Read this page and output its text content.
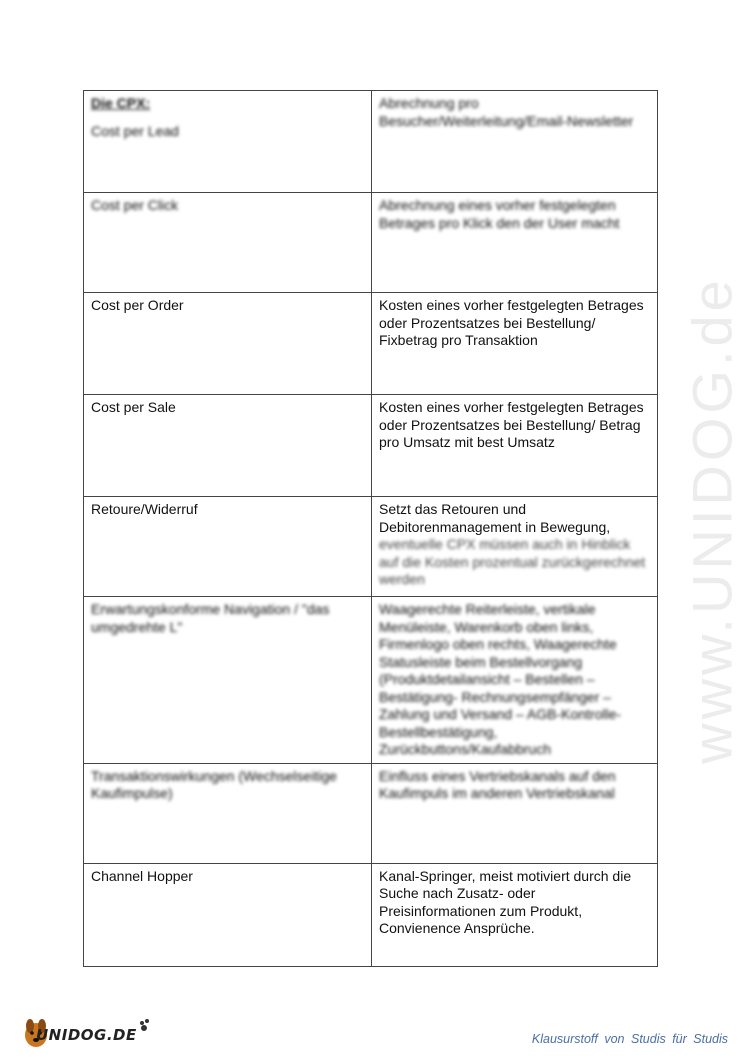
www.UNIDOG.de
Die CPX:
Cost per Lead	Abrechnung pro Besucher/Weiterleitung/Email-Newsletter
Cost per Click	Abrechnung eines vorher festgelegten Betrages pro Klick den der User macht
Cost per Order	Kosten eines vorher festgelegten Betrages oder Prozentsatzes bei Bestellung/ Fixbetrag pro Transaktion
Cost per Sale	Kosten eines vorher festgelegten Betrages oder Prozentsatzes bei Bestellung/ Betrag pro Umsatz mit best Umsatz
Retoure/Widerruf	Setzt das Retouren und Debitorenmanagement in Bewegung, eventuelle CPX müssen auch in Hinblick auf die Kosten prozentual zurückgerechnet werden
Erwartungskonforme Navigation / "das umgedrehte L"	Waagerechte Reiterleiste, vertikale Menüleiste, Warenkorb oben links, Firmenlogo oben rechts, Waagerechte Statusleiste beim Bestellvorgang (Produktdetailansicht – Bestellen – Bestätigung- Rechnungsempfänger – Zahlung und Versand – AGB-Kontrolle-Bestellbestätigung, Zurückbuttons/Kaufabbruch
Transaktionswirkungen (Wechselseitige Kaufimpulse)	Einfluss eines Vertriebskanals auf den Kaufimpuls im anderen Vertriebskanal
Channel Hopper	Kanal-Springer, meist motiviert durch die Suche nach Zusatz- oder Preisinformationen zum Produkt, Convienence Ansprüche.
UNIDOG.DE	Klausurstoff von Studis für Studis
